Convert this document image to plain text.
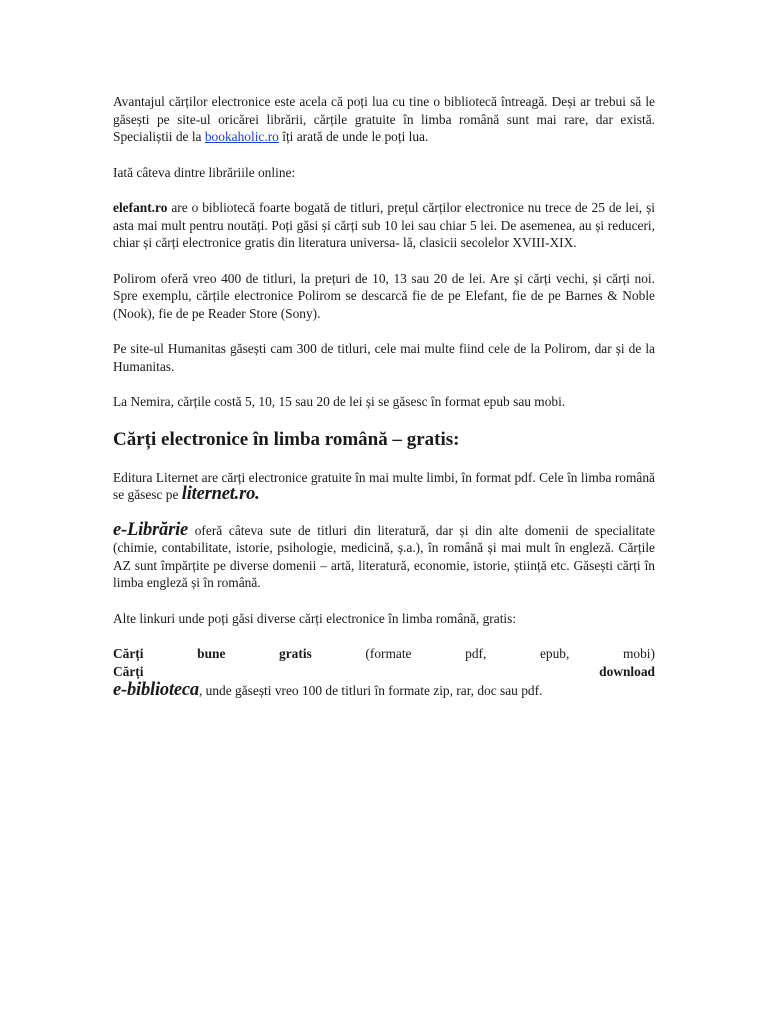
Avantajul cărților electronice este acela că poți lua cu tine o bibliotecă întreagă. Deși ar trebui să le găsești pe site-ul oricărei librării, cărțile gratuite în limba română sunt mai rare, dar există. Specialiștii de la bookaholic.ro îți arată de unde le poți lua.

Iată câteva dintre librăriile online:

elefant.ro are o bibliotecă foarte bogată de titluri, prețul cărților electronice nu trece de 25 de lei, și asta mai mult pentru noutăți. Poți găsi și cărți sub 10 lei sau chiar 5 lei. De asemenea, au și reduceri, chiar și cărți electronice gratis din literatura universa- lă, clasicii secolelor XVIII-XIX.

Polirom oferă vreo 400 de titluri, la prețuri de 10, 13 sau 20 de lei. Are și cărți vechi, și cărți noi. Spre exemplu, cărțile electronice Polirom se descarcă fie de pe Elefant, fie de pe Barnes & Noble (Nook), fie de pe Reader Store (Sony).

Pe site-ul Humanitas găsești cam 300 de titluri, cele mai multe fiind cele de la Polirom, dar și de la Humanitas.

La Nemira, cărțile costă 5, 10, 15 sau 20 de lei și se găsesc în format epub sau mobi.

Cărți electronice în limba română – gratis:

Editura Liternet are cărți electronice gratuite în mai multe limbi, în format pdf. Cele în limba română se găsesc pe liternet.ro.

e-Librărie oferă câteva sute de titluri din literatură, dar și din alte domenii de specialitate (chimie, contabilitate, istorie, psihologie, medicină, ș.a.), în română și mai mult în engleză. Cărțile AZ sunt împărțite pe diverse domenii – artă, literatură, economie, istorie, știință etc. Găsești cărți în limba engleză și în română.

Alte linkuri unde poți găsi diverse cărți electronice în limba română, gratis:

Cărți	bune	gratis	(formate	pdf,	epub,	mobi)
Cărți	download

e-biblioteca, unde găsești vreo 100 de titluri în formate zip, rar, doc sau pdf.
